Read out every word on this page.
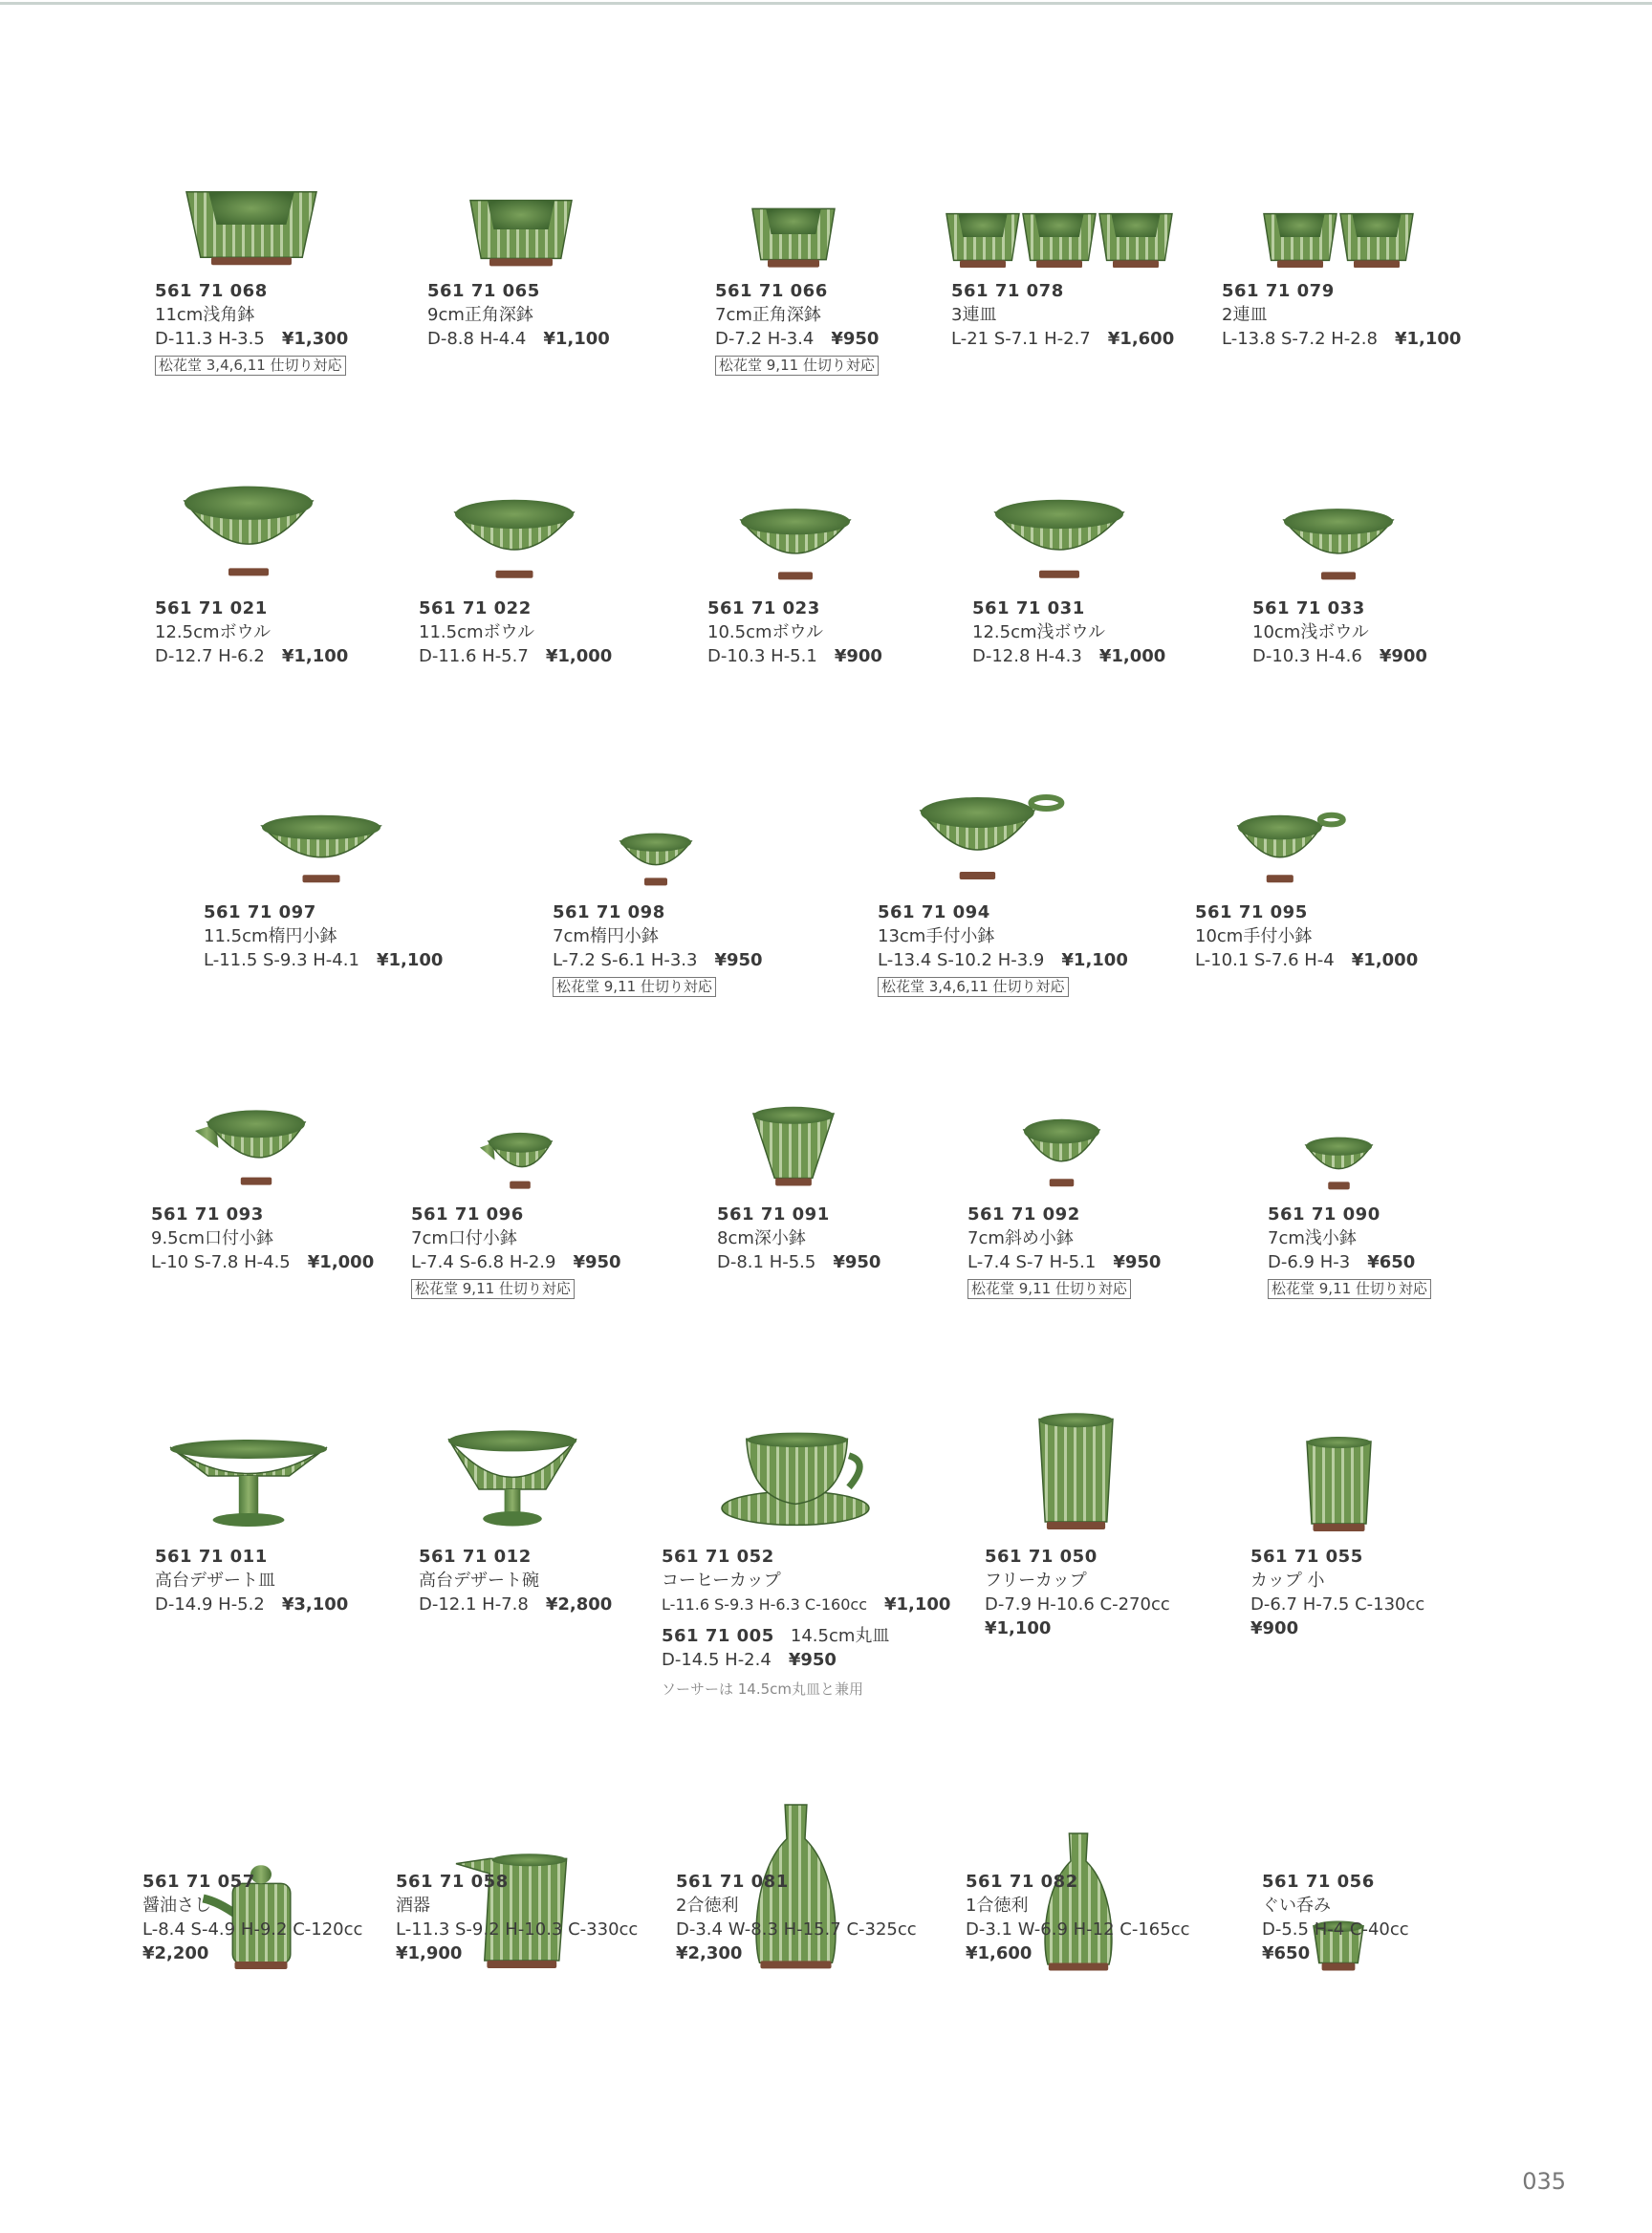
561 71 068
11cm浅角鉢
D-11.3 H-3.5 ¥1,300
松花堂 3,4,6,11 仕切り対応
561 71 065
9cm正角深鉢
D-8.8 H-4.4 ¥1,100
561 71 066
7cm正角深鉢
D-7.2 H-3.4 ¥950
松花堂 9,11 仕切り対応
561 71 078
3連皿
L-21 S-7.1 H-2.7 ¥1,600
561 71 079
2連皿
L-13.8 S-7.2 H-2.8 ¥1,100
561 71 021
12.5cmボウル
D-12.7 H-6.2 ¥1,100
561 71 022
11.5cmボウル
D-11.6 H-5.7 ¥1,000
561 71 023
10.5cmボウル
D-10.3 H-5.1 ¥900
561 71 031
12.5cm浅ボウル
D-12.8 H-4.3 ¥1,000
561 71 033
10cm浅ボウル
D-10.3 H-4.6 ¥900
561 71 097
11.5cm楕円小鉢
L-11.5 S-9.3 H-4.1 ¥1,100
561 71 098
7cm楕円小鉢
L-7.2 S-6.1 H-3.3 ¥950
松花堂 9,11 仕切り対応
561 71 094
13cm手付小鉢
L-13.4 S-10.2 H-3.9 ¥1,100
松花堂 3,4,6,11 仕切り対応
561 71 095
10cm手付小鉢
L-10.1 S-7.6 H-4 ¥1,000
561 71 093
9.5cm口付小鉢
L-10 S-7.8 H-4.5 ¥1,000
561 71 096
7cm口付小鉢
L-7.4 S-6.8 H-2.9 ¥950
松花堂 9,11 仕切り対応
561 71 091
8cm深小鉢
D-8.1 H-5.5 ¥950
561 71 092
7cm斜め小鉢
L-7.4 S-7 H-5.1 ¥950
松花堂 9,11 仕切り対応
561 71 090
7cm浅小鉢
D-6.9 H-3 ¥650
松花堂 9,11 仕切り対応
561 71 011
高台デザート皿
D-14.9 H-5.2 ¥3,100
561 71 012
高台デザート碗
D-12.1 H-7.8 ¥2,800
561 71 052
コーヒーカップ
L-11.6 S-9.3 H-6.3 C-160cc ¥1,100
561 71 005 14.5cm丸皿
D-14.5 H-2.4 ¥950
ソーサーは 14.5cm丸皿と兼用
561 71 050
フリーカップ
D-7.9 H-10.6 C-270cc
¥1,100
561 71 055
カップ 小
D-6.7 H-7.5 C-130cc
¥900
561 71 057
醤油さし
L-8.4 S-4.9 H-9.2 C-120cc
¥2,200
561 71 058
酒器
L-11.3 S-9.2 H-10.3 C-330cc
¥1,900
561 71 081
2合徳利
D-3.4 W-8.3 H-15.7 C-325cc
¥2,300
561 71 082
1合徳利
D-3.1 W-6.9 H-12 C-165cc
¥1,600
561 71 056
ぐい呑み
D-5.5 H-4 C-40cc
¥650
035
